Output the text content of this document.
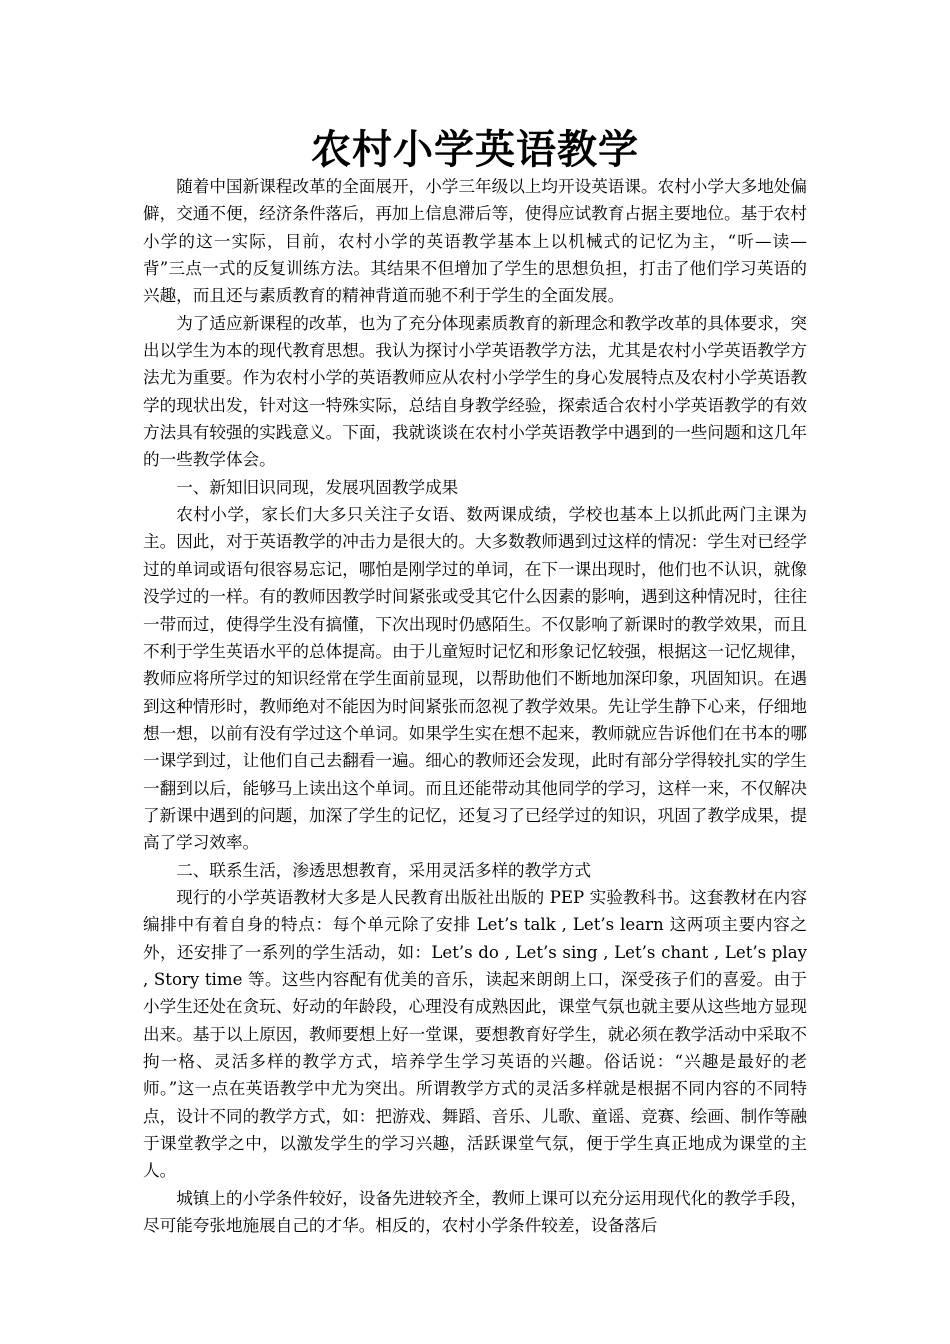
农村小学英语教学

随着中国新课程改革的全面展开，小学三年级以上均开设英语课。农村小学大多地处偏僻，交通不便，经济条件落后，再加上信息滞后等，使得应试教育占据主要地位。基于农村小学的这一实际，目前，农村小学的英语教学基本上以机械式的记忆为主，“听—读—背”三点一式的反复训练方法。其结果不但增加了学生的思想负担，打击了他们学习英语的兴趣，而且还与素质教育的精神背道而驰不利于学生的全面发展。

为了适应新课程的改革，也为了充分体现素质教育的新理念和教学改革的具体要求，突出以学生为本的现代教育思想。我认为探讨小学英语教学方法，尤其是农村小学英语教学方法尤为重要。作为农村小学的英语教师应从农村小学学生的身心发展特点及农村小学英语教学的现状出发，针对这一特殊实际，总结自身教学经验，探索适合农村小学英语教学的有效方法具有较强的实践意义。下面，我就谈谈在农村小学英语教学中遇到的一些问题和这几年的一些教学体会。

一、新知旧识同现，发展巩固教学成果

农村小学，家长们大多只关注子女语、数两课成绩，学校也基本上以抓此两门主课为主。因此，对于英语教学的冲击力是很大的。大多数教师遇到过这样的情况：学生对已经学过的单词或语句很容易忘记，哪怕是刚学过的单词，在下一课出现时，他们也不认识，就像没学过的一样。有的教师因教学时间紧张或受其它什么因素的影响，遇到这种情况时，往往一带而过，使得学生没有搞懂，下次出现时仍感陌生。不仅影响了新课时的教学效果，而且不利于学生英语水平的总体提高。由于儿童短时记忆和形象记忆较强，根据这一记忆规律，教师应将所学过的知识经常在学生面前显现，以帮助他们不断地加深印象，巩固知识。在遇到这种情形时，教师绝对不能因为时间紧张而忽视了教学效果。先让学生静下心来，仔细地想一想，以前有没有学过这个单词。如果学生实在想不起来，教师就应告诉他们在书本的哪一课学到过，让他们自己去翻看一遍。细心的教师还会发现，此时有部分学得较扎实的学生一翻到以后，能够马上读出这个单词。而且还能带动其他同学的学习，这样一来，不仅解决了新课中遇到的问题，加深了学生的记忆，还复习了已经学过的知识，巩固了教学成果，提高了学习效率。

二、联系生活，渗透思想教育，采用灵活多样的教学方式

现行的小学英语教材大多是人民教育出版社出版的 PEP 实验教科书。这套教材在内容编排中有着自身的特点：每个单元除了安排 Let’s talk , Let’s learn 这两项主要内容之外，还安排了一系列的学生活动，如：Let’s do , Let’s sing , Let’s chant , Let’s play , Story time 等。这些内容配有优美的音乐，读起来朗朗上口，深受孩子们的喜爱。由于小学生还处在贪玩、好动的年龄段，心理没有成熟因此，课堂气氛也就主要从这些地方显现出来。基于以上原因，教师要想上好一堂课，要想教育好学生，就必须在教学活动中采取不拘一格、灵活多样的教学方式，培养学生学习英语的兴趣。俗话说：“兴趣是最好的老师。”这一点在英语教学中尤为突出。所谓教学方式的灵活多样就是根据不同内容的不同特点，设计不同的教学方式，如：把游戏、舞蹈、音乐、儿歌、童谣、竞赛、绘画、制作等融于课堂教学之中，以激发学生的学习兴趣，活跃课堂气氛，便于学生真正地成为课堂的主人。

城镇上的小学条件较好，设备先进较齐全，教师上课可以充分运用现代化的教学手段，尽可能夸张地施展自己的才华。相反的，农村小学条件较差，设备落后
